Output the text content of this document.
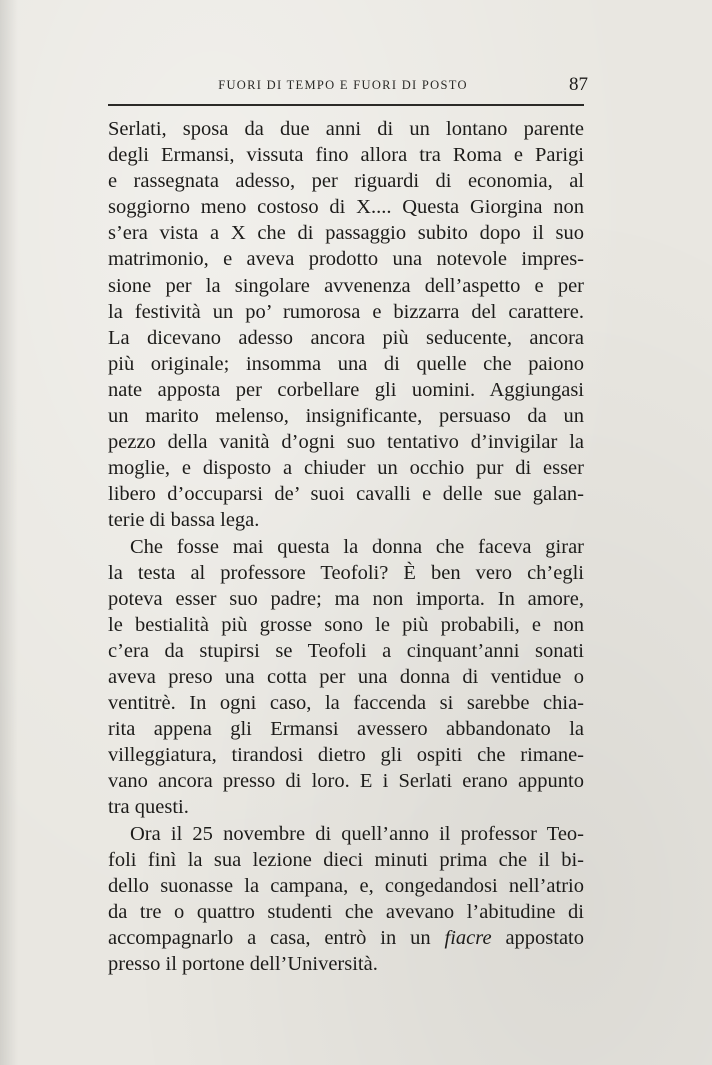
FUORI DI TEMPO E FUORI DI POSTO	87
Serlati, sposa da due anni di un lontano parente
degli Ermansi, vissuta fino allora tra Roma e Parigi
e rassegnata adesso, per riguardi di economia, al
soggiorno meno costoso di X.... Questa Giorgina non
s’era vista a X che di passaggio subito dopo il suo
matrimonio, e aveva prodotto una notevole impres-
sione per la singolare avvenenza dell’aspetto e per
la festività un po’ rumorosa e bizzarra del carattere.
La dicevano adesso ancora più seducente, ancora
più originale; insomma una di quelle che paiono
nate apposta per corbellare gli uomini. Aggiungasi
un marito melenso, insignificante, persuaso da un
pezzo della vanità d’ogni suo tentativo d’invigilar la
moglie, e disposto a chiuder un occhio pur di esser
libero d’occuparsi de’ suoi cavalli e delle sue galan-
terie di bassa lega.
Che fosse mai questa la donna che faceva girar
la testa al professore Teofoli? È ben vero ch’egli
poteva esser suo padre; ma non importa. In amore,
le bestialità più grosse sono le più probabili, e non
c’era da stupirsi se Teofoli a cinquant’anni sonati
aveva preso una cotta per una donna di ventidue o
ventitrè. In ogni caso, la faccenda si sarebbe chia-
rita appena gli Ermansi avessero abbandonato la
villeggiatura, tirandosi dietro gli ospiti che rimane-
vano ancora presso di loro. E i Serlati erano appunto
tra questi.
Ora il 25 novembre di quell’anno il professor Teo-
foli finì la sua lezione dieci minuti prima che il bi-
dello suonasse la campana, e, congedandosi nell’atrio
da tre o quattro studenti che avevano l’abitudine di
accompagnarlo a casa, entrò in un fiacre appostato
presso il portone dell’Università.
